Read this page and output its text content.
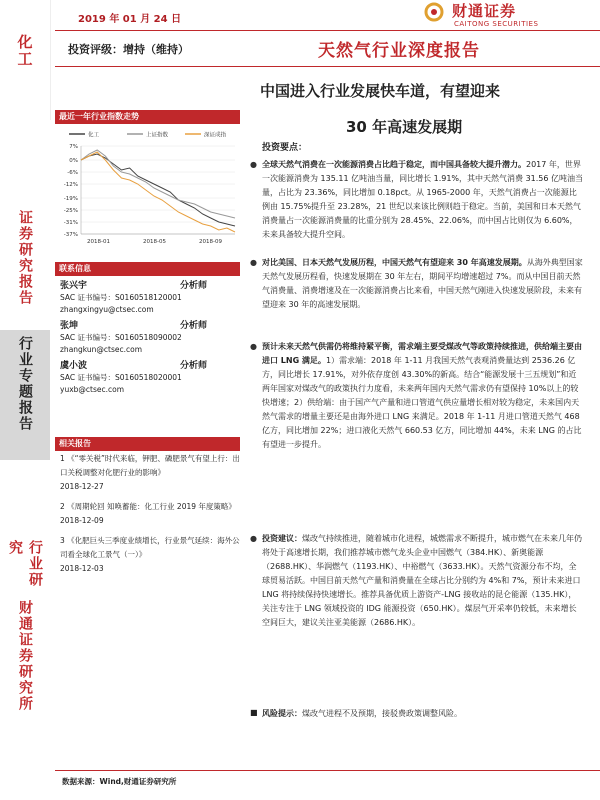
化工
证券研究报告
行业专题报告
行业研究
财通证券研究所
2019 年 01 月 24 日	财通证券
CAITONG SECURITIES
投资评级：增持（维持）	天然气行业深度报告
中国进入行业发展快车道，有望迎来
30 年高速发展期
最近一年行业指数走势
化工	上证指数	深证成指
7%
0%
-6%
-12%
-19%
-25%
-31%
-37%
2018-01	2018-05	2018-09
联系信息
张兴宇	分析师
SAC 证书编号：S0160518120001
zhangxingyu@ctsec.com
张坤	分析师
SAC 证书编号：S0160518090002
zhangkun@ctsec.com
虞小波	分析师
SAC 证书编号：S0160518020001
yuxb@ctsec.com
相关报告
1 《“零关税”时代来临，钾肥、磷肥景气有望上行：出口关税调整对化肥行业的影响》
2018-12-27
2 《周期轮回 知唤蓄能：化工行业 2019 年度策略》
2018-12-09
3 《化肥巨头三季度业绩增长，行业景气延续：海外公司看全球化工景气（一）》
2018-12-03
投资要点：
● 全球天然气消费在一次能源消费占比趋于稳定，而中国具备较大提升潜力。2017 年，世界一次能源消费为 135.11 亿吨油当量，同比增长 1.91%，其中天然气消费 31.56 亿吨油当量，占比为 23.36%，同比增加 0.18pct。从 1965-2000 年，天然气消费占一次能源比例由 15.75%提升至 23.28%，21 世纪以来该比例则趋于稳定。当前，美国和日本天然气消费量占一次能源消费量的比重分别为 28.45%、22.06%，而中国占比则仅为 6.60%，未来具备较大提升空间。
● 对比美国、日本天然气发展历程，中国天然气有望迎来 30 年高速发展期。从海外典型国家天然气发展历程看，快速发展期在 30 年左右，期间平均增速超过 7%。而从中国目前天然气消费量、消费增速及在一次能源消费占比来看，中国天然气刚进入快速发展阶段，未来有望迎来 30 年的高速发展期。
● 预计未来天然气供需仍将维持紧平衡，需求端主要受煤改气等政策持续推进，供给端主要由进口 LNG 满足。1）需求端：2018 年 1-11 月我国天然气表观消费量达到 2536.26 亿方，同比增长 17.91%，对外依存度创 43.30%的新高。结合“能源发展十三五规划”和近两年国家对煤改气的政策执行力度看，未来两年国内天然气需求仍有望保持 10%以上的较快增速；2）供给端：由于国产气产量和进口管道气供应量增长相对较为稳定，未来国内天然气需求的增量主要还是由海外进口 LNG 来满足。2018 年 1-11 月进口管道天然气 468 亿方，同比增加 22%；进口液化天然气 660.53 亿方，同比增加 44%，未来 LNG 的占比有望进一步提升。
● 投资建议：煤改气持续推进，随着城市化进程，城燃需求不断提升，城市燃气在未来几年仍将处于高速增长期，我们推荐城市燃气龙头企业中国燃气（384.HK）、新奥能源（2688.HK）、华润燃气（1193.HK）、中裕燃气（3633.HK）。天然气资源分布不均，全球贸易活跃。中国目前天然气产量和消费量在全球占比分别约为 4%和 7%，预计未来进口 LNG 将持续保持快速增长。推荐具备优质上游资产-LNG 接收站的昆仑能源（135.HK），关注专注于 LNG 领域投资的 IDG 能源投资（650.HK）。煤层气开采率仍较低，未来增长空间巨大，建议关注亚美能源（2686.HK）。
■ 风险提示：煤改气进程不及预期，接驳费政策调整风险。
数据来源：Wind,财通证券研究所
